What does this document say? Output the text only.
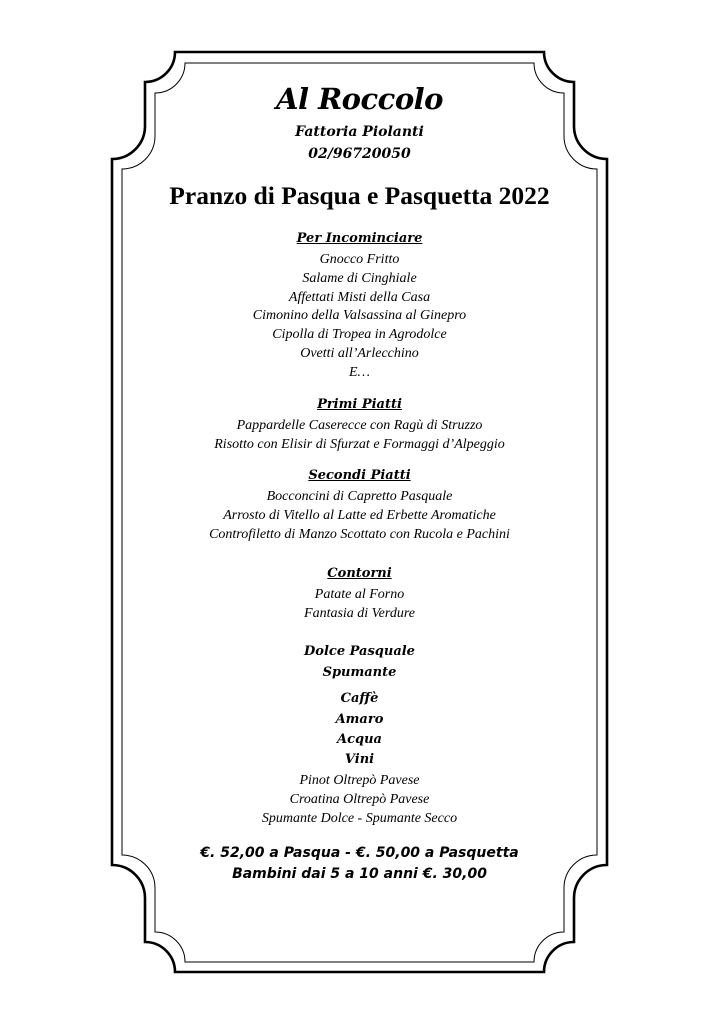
Al Roccolo
Fattoria Piolanti
02/96720050
Pranzo di Pasqua e Pasquetta 2022
Per Incominciare
Gnocco Fritto
Salame di Cinghiale
Affettati Misti della Casa
Cimonino della Valsassina al Ginepro
Cipolla di Tropea in Agrodolce
Ovetti all’Arlecchino
E…
Primi Piatti
Pappardelle Caserecce con Ragù di Struzzo
Risotto con Elisir di Sfurzat e Formaggi d’Alpeggio
Secondi Piatti
Bocconcini di Capretto Pasquale
Arrosto di Vitello al Latte ed Erbette Aromatiche
Controfiletto di Manzo Scottato con Rucola e Pachini
Contorni
Patate al Forno
Fantasia di Verdure
Dolce Pasquale
Spumante
Caffè
Amaro
Acqua
Vini
Pinot Oltrepò Pavese
Croatina Oltrepò Pavese
Spumante Dolce - Spumante Secco
€. 52,00 a Pasqua - €. 50,00 a Pasquetta
Bambini dai 5 a 10 anni €. 30,00
